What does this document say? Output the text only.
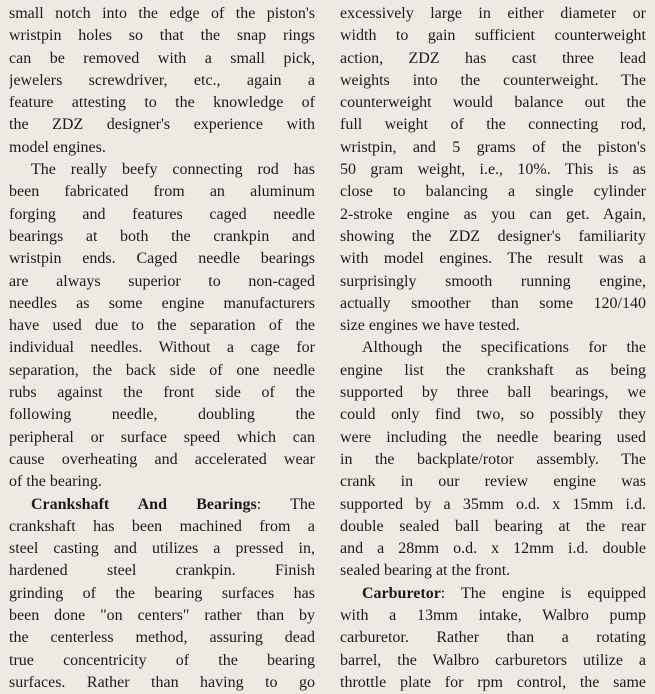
small notch into the edge of the piston's
wristpin holes so that the snap rings
can be removed with a small pick,
jewelers screwdriver, etc., again a
feature attesting to the knowledge of
the ZDZ designer's experience with
model engines.
The really beefy connecting rod has
been fabricated from an aluminum
forging and features caged needle
bearings at both the crankpin and
wristpin ends. Caged needle bearings
are always superior to non-caged
needles as some engine manufacturers
have used due to the separation of the
individual needles. Without a cage for
separation, the back side of one needle
rubs against the front side of the
following needle, doubling the
peripheral or surface speed which can
cause overheating and accelerated wear
of the bearing.
Crankshaft And Bearings: The
crankshaft has been machined from a
steel casting and utilizes a pressed in,
hardened steel crankpin. Finish
grinding of the bearing surfaces has
been done "on centers" rather than by
the centerless method, assuring dead
true concentricity of the bearing
surfaces. Rather than having to go
excessively large in either diameter or
width to gain sufficient counterweight
action, ZDZ has cast three lead
weights into the counterweight. The
counterweight would balance out the
full weight of the connecting rod,
wristpin, and 5 grams of the piston's
50 gram weight, i.e., 10%. This is as
close to balancing a single cylinder
2-stroke engine as you can get. Again,
showing the ZDZ designer's familiarity
with model engines. The result was a
surprisingly smooth running engine,
actually smoother than some 120/140
size engines we have tested.
Although the specifications for the
engine list the crankshaft as being
supported by three ball bearings, we
could only find two, so possibly they
were including the needle bearing used
in the backplate/rotor assembly. The
crank in our review engine was
supported by a 35mm o.d. x 15mm i.d.
double sealed ball bearing at the rear
and a 28mm o.d. x 12mm i.d. double
sealed bearing at the front.
Carburetor: The engine is equipped
with a 13mm intake, Walbro pump
carburetor. Rather than a rotating
barrel, the Walbro carburetors utilize a
throttle plate for rpm control, the same
